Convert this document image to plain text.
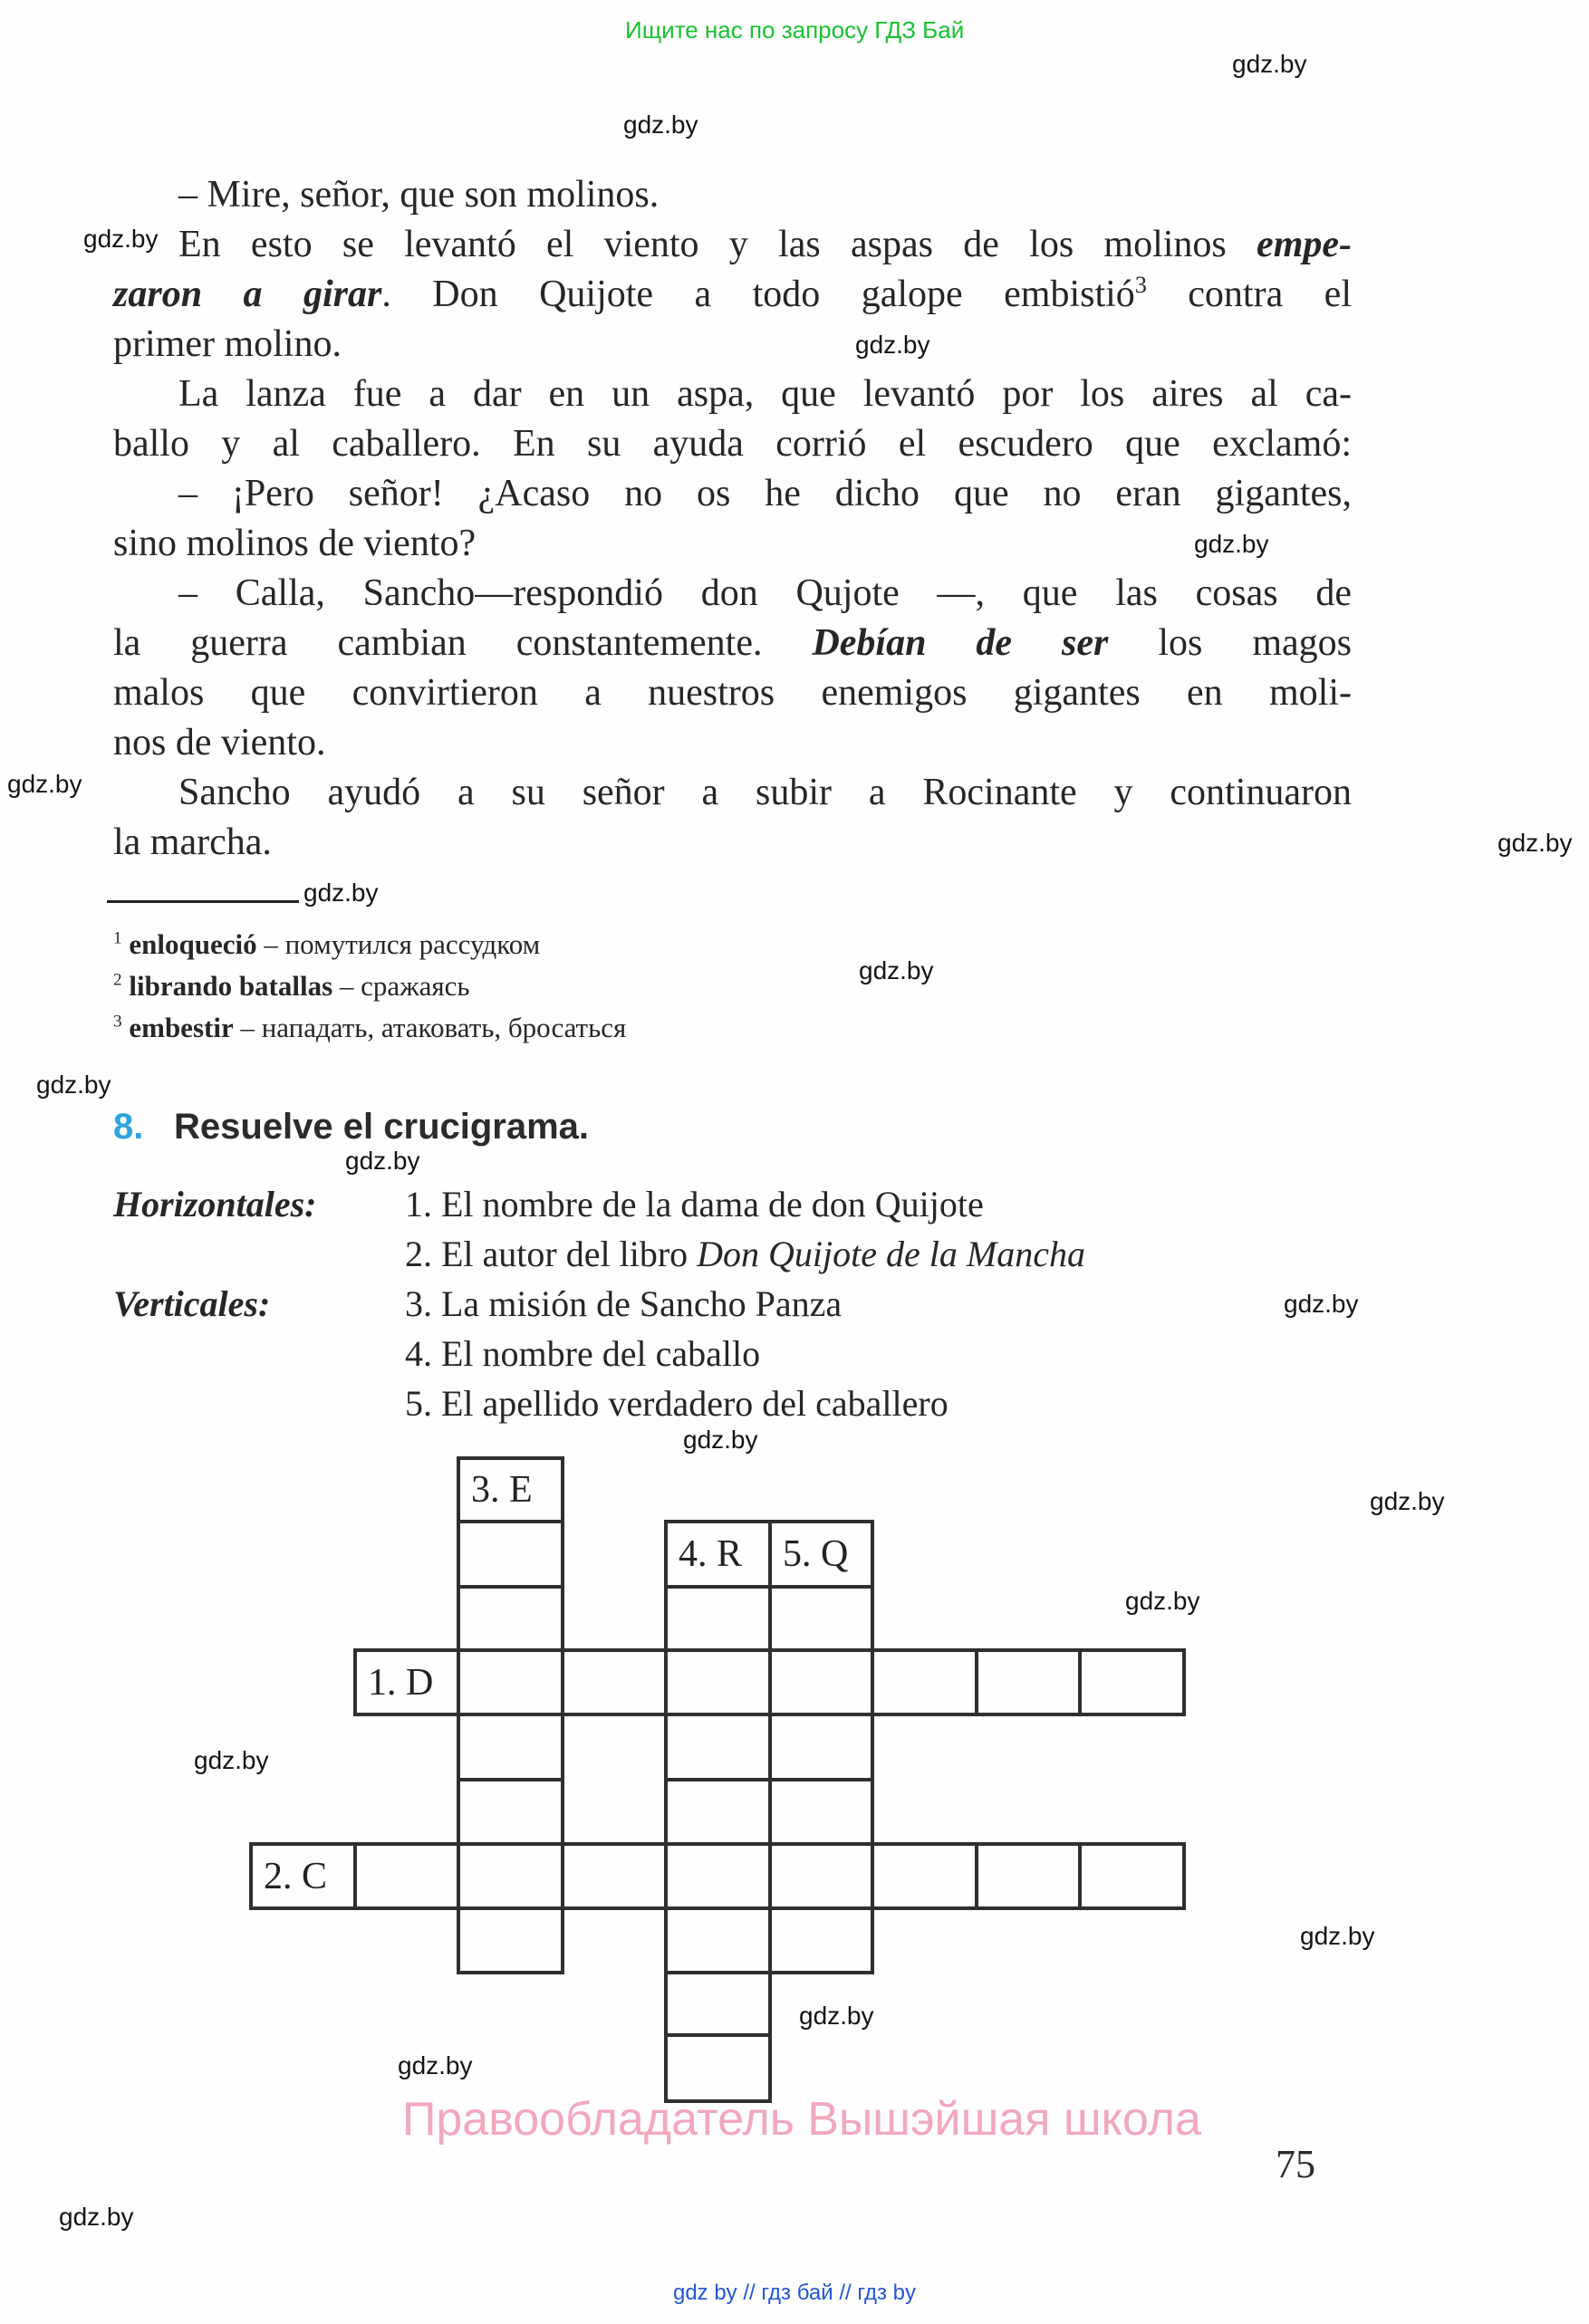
Ищите нас по запросу ГДЗ Бай
gdz.by
gdz.by
gdz.by
gdz.by
gdz.by
gdz.by
gdz.by
gdz.by
gdz.by
gdz.by
gdz.by
gdz.by
gdz.by
gdz.by
gdz.by
gdz.by
gdz.by
gdz.by
gdz.by
gdz.by
Правообладатель Вышэйшая школа
– Mire, señor, que son molinos.
En esto se levantó el viento y las aspas de los molinos empe-
zaron a girar. Don Quijote a todo galope embistió$^3$ contra el
primer molino.
La lanza fue a dar en un aspa, que levantó por los aires al ca-
ballo y al caballero. En su ayuda corrió el escudero que exclamó:
– ¡Pero señor! ¿Acaso no os he dicho que no eran gigantes,
sino molinos de viento?
– Calla, Sancho—respondió don Qujote —, que las cosas de
la guerra cambian constantemente. Debían de ser los magos
malos que convirtieron a nuestros enemigos gigantes en moli-
nos de viento.
Sancho ayudó a su señor a subir a Rocinante y continuaron
la marcha.
$^1$ enloqueció – помутился рассудком
$^2$ librando batallas – сражаясь
$^3$ embestir – нападать, атаковать, бросаться
8. Resuelve el crucigrama.
Horizontales: 1. El nombre de la dama de don Quijote
2. El autor del libro Don Quijote de la Mancha
Verticales:	3. La misión de Sancho Panza
4. El nombre del caballo
5. El apellido verdadero del caballero
3. E
4. R	5. Q
1. D
2. C
75
gdz by // гдз бай // гдз by
